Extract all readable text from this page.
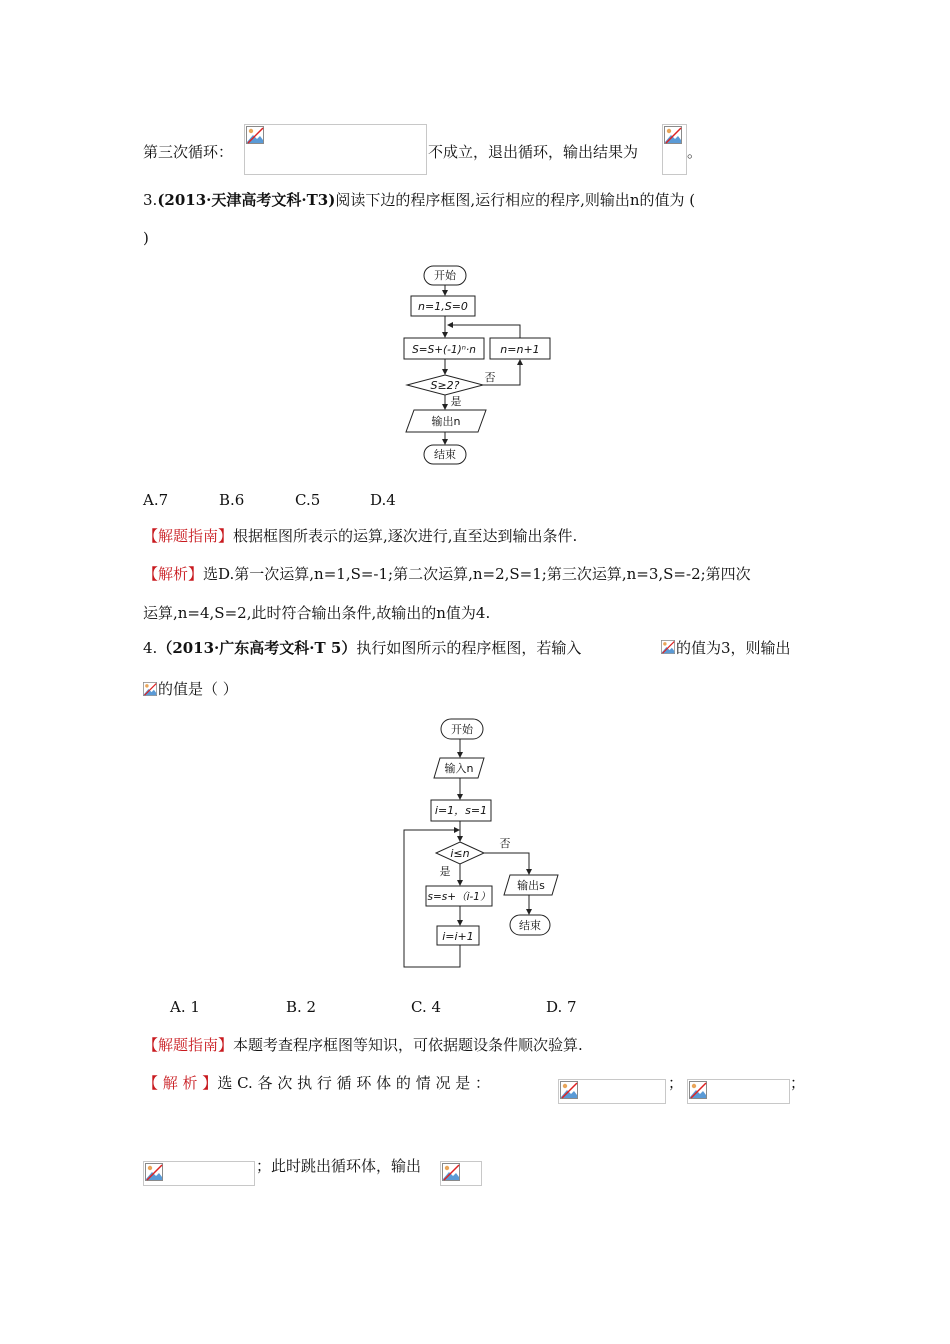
第三次循环：	不成立，退出循环，输出结果为	。
3.(2013·天津高考文科·T3)阅读下边的程序框图,运行相应的程序,则输出n的值为 (
)
开始
n=1,S=0
S=S+(-1)ⁿ·n n=n+1
S≥2?
否
是
输出n
结束
A.7	B.6	C.5	D.4
【解题指南】根据框图所表示的运算,逐次进行,直至达到输出条件.
【解析】选D.第一次运算,n=1,S=-1;第二次运算,n=2,S=1;第三次运算,n=3,S=-2;第四次
运算,n=4,S=2,此时符合输出条件,故输出的n值为4.
4.（2013·广东高考文科·T 5）执行如图所示的程序框图，若输入	的值为3，则输出
的值是（ ）
开始
输入n
i=1，s=1
i≤n
否
是
s=s+（i-1）
i=i+1
输出s
结束
A. 1	B. 2	C. 4	D. 7
【解题指南】本题考查程序框图等知识，可依据题设条件顺次验算.
【 解 析 】选 C. 各 次 执 行 循 环 体 的 情 况 是 ：	；	；
；此时跳出循环体，输出
